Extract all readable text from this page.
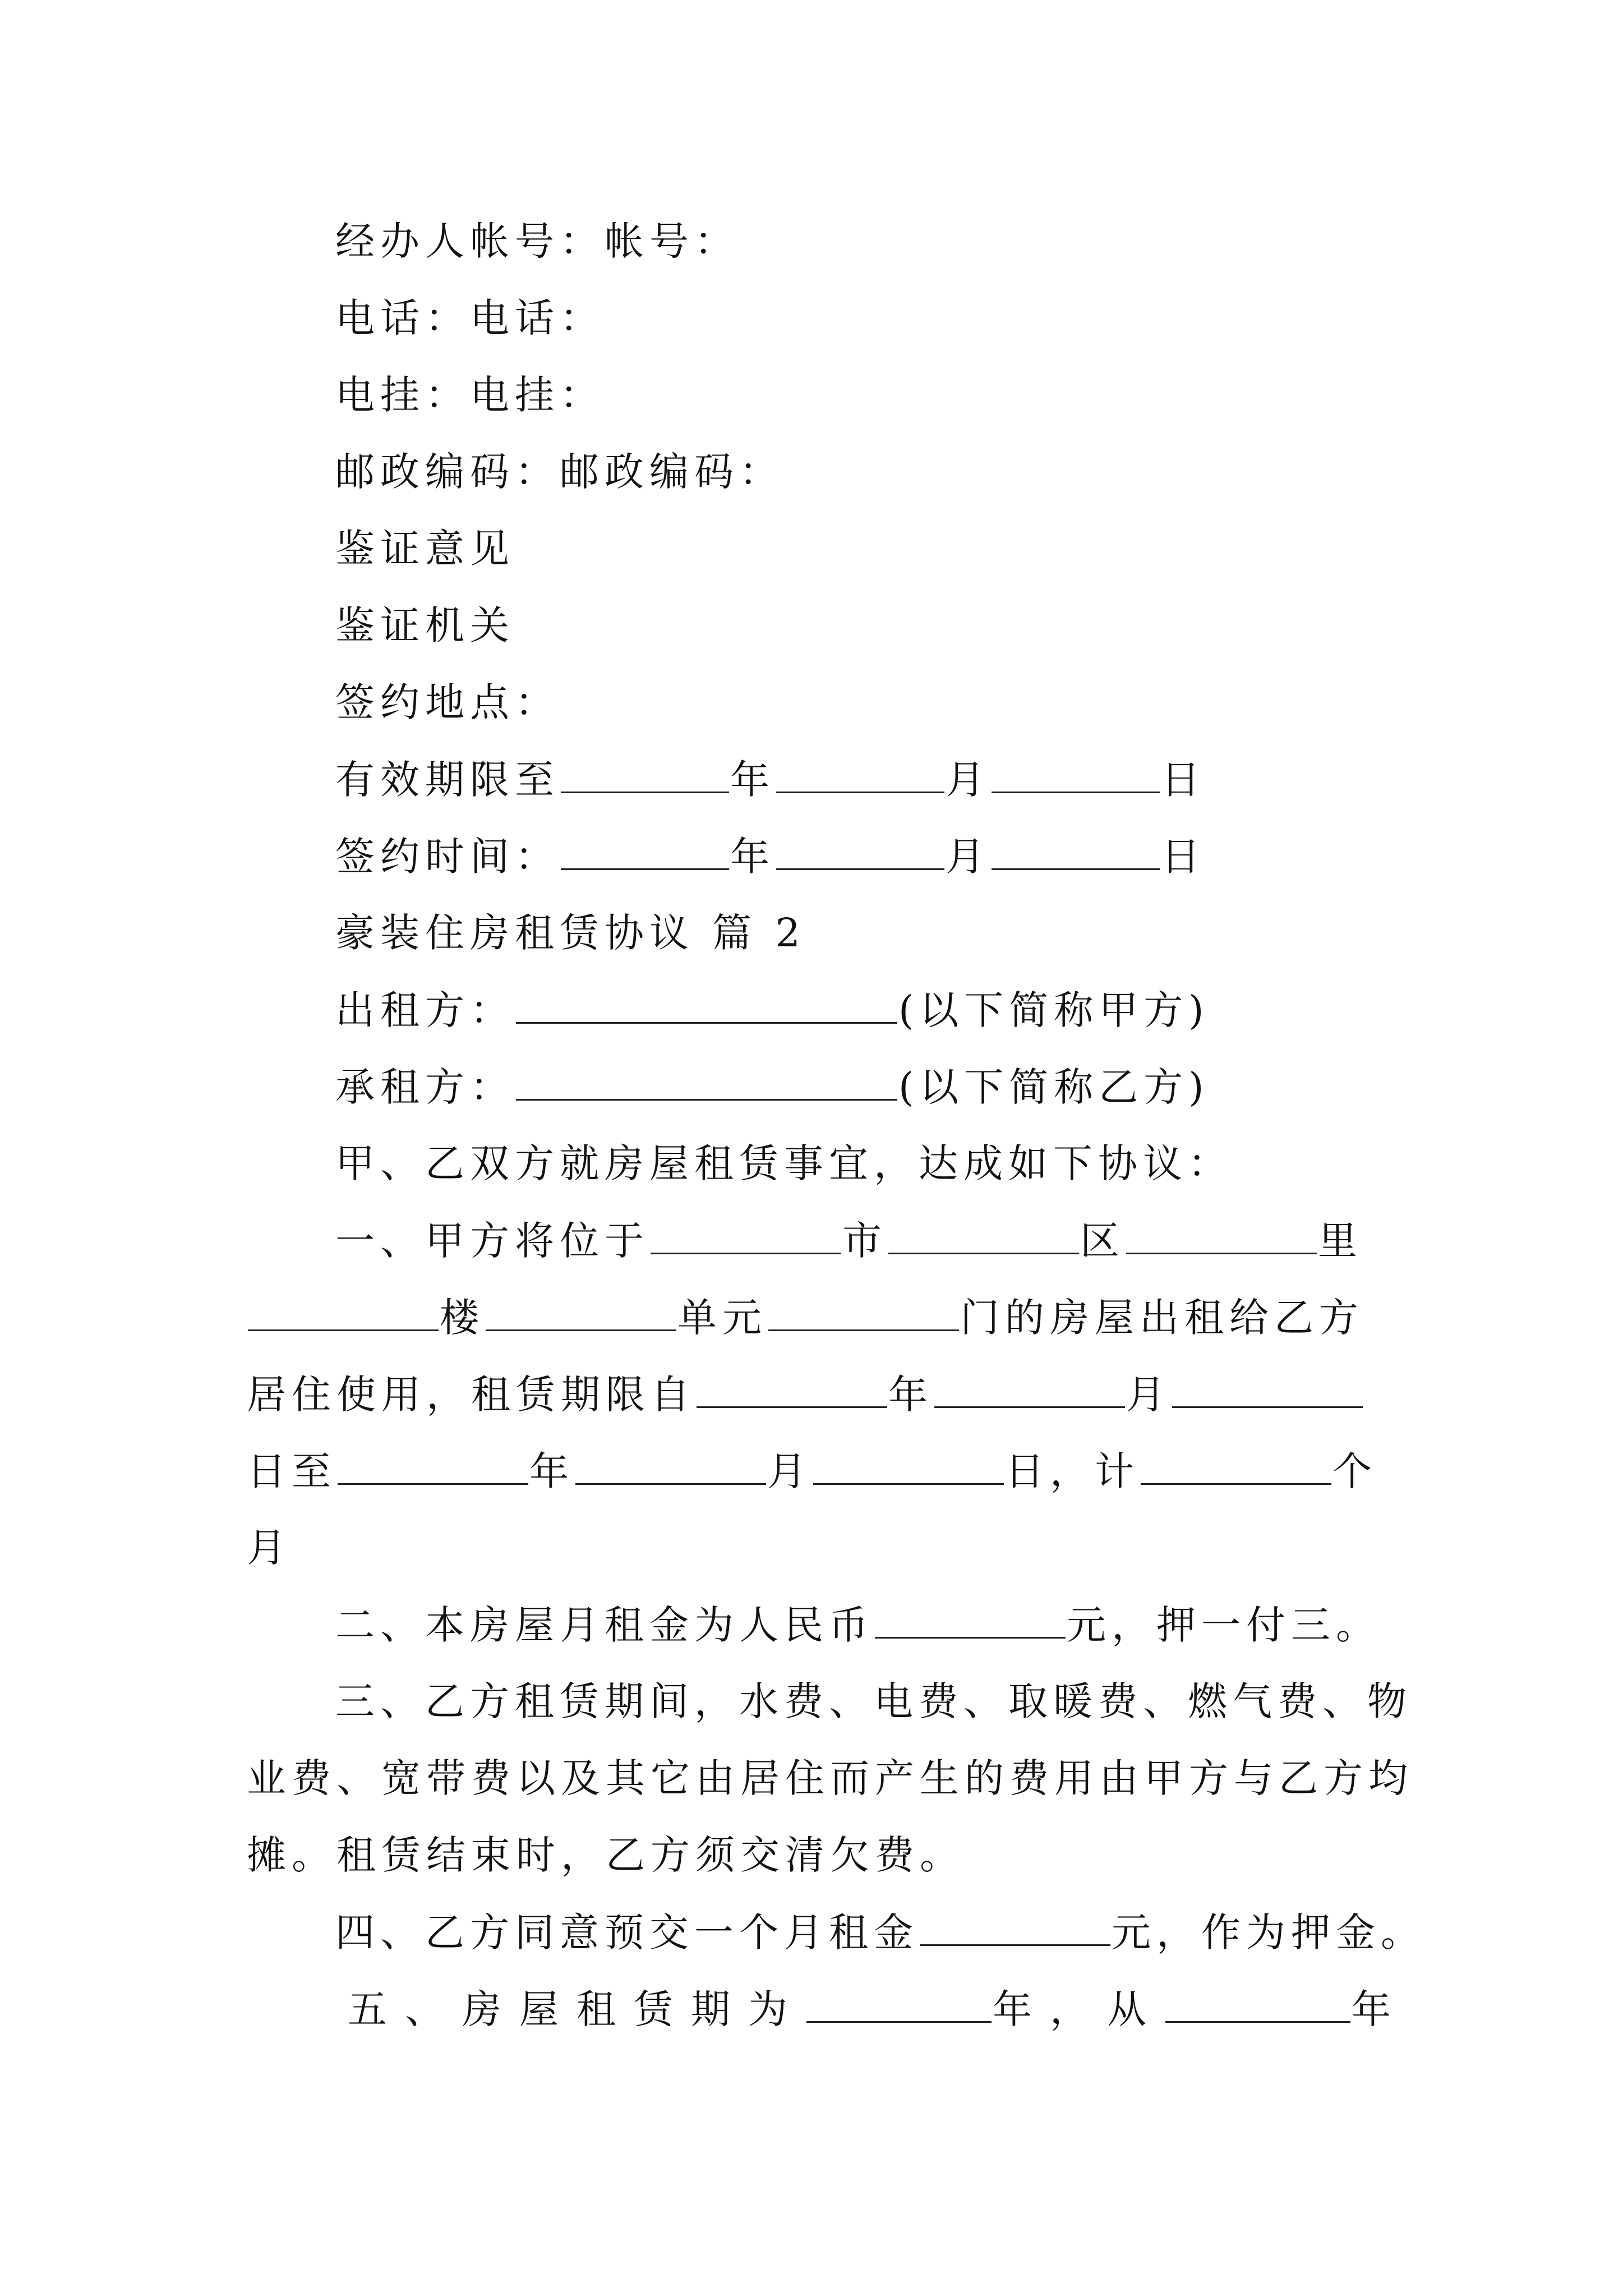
经办人帐号：帐号：
电话：电话：
电挂：电挂：
邮政编码：邮政编码：
鉴证意见
鉴证机关
签约地点：
有效期限至	年	月	日
签约时间：	年	月	日
豪装住房租赁协议 篇 2
出租方：	(以下简称甲方)
承租方：	(以下简称乙方)
甲、乙双方就房屋租赁事宜，达成如下协议：
一、甲方将位于	市	区	里
楼	单元	门的房屋出租给乙方
居住使用，租赁期限自	年	月
日至	年	月	日，计	个
月
二、本房屋月租金为人民币	元，押一付三。
三、乙方租赁期间，水费、电费、取暖费、燃气费、物
业费、宽带费以及其它由居住而产生的费用由甲方与乙方均
摊。租赁结束时，乙方须交清欠费。
四、乙方同意预交一个月租金	元，作为押金。
五、房屋租赁期为	年，从	年
